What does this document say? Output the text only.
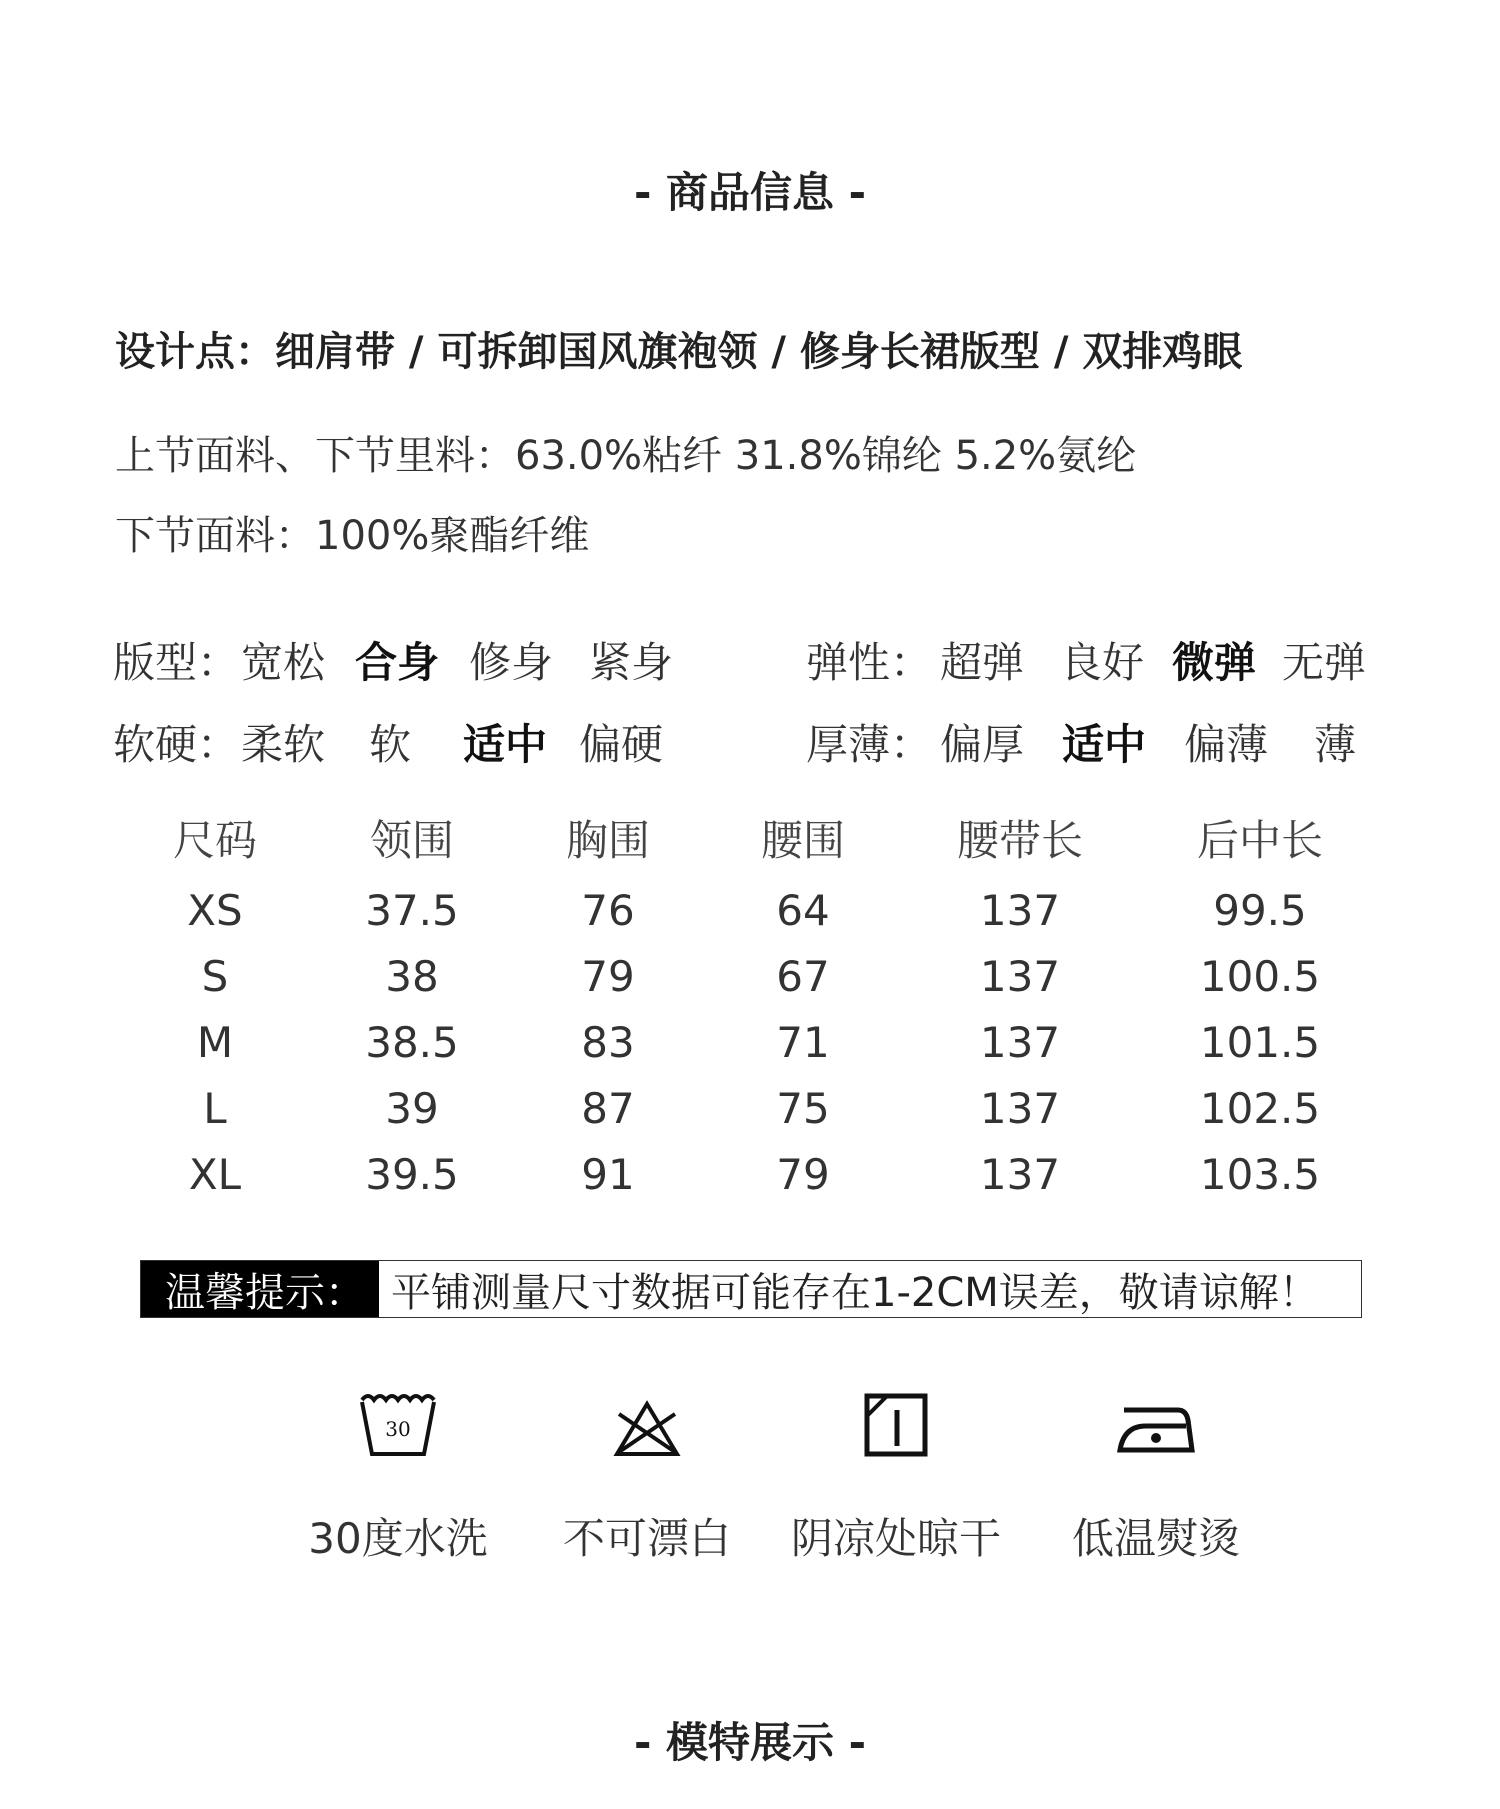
- 商品信息 -
设计点：细肩带 / 可拆卸国风旗袍领 / 修身长裙版型 / 双排鸡眼
上节面料、下节里料：63.0%粘纤 31.8%锦纶 5.2%氨纶
下节面料：100%聚酯纤维
版型： 宽松 合身 修身 紧身	弹性： 超弹 良好 微弹 无弹
软硬： 柔软 软 适中 偏硬	厚薄： 偏厚 适中 偏薄 薄
尺码	领围	胸围	腰围	腰带长	后中长
XS	37.5	76	64	137	99.5
S	38	79	67	137	100.5
M	38.5	83	71	137	101.5
L	39	87	75	137	102.5
XL	39.5	91	79	137	103.5
温馨提示： 平铺测量尺寸数据可能存在1-2CM误差，敬请谅解！
30
30度水洗	不可漂白	阴凉处晾干	低温熨烫
- 模特展示 -
